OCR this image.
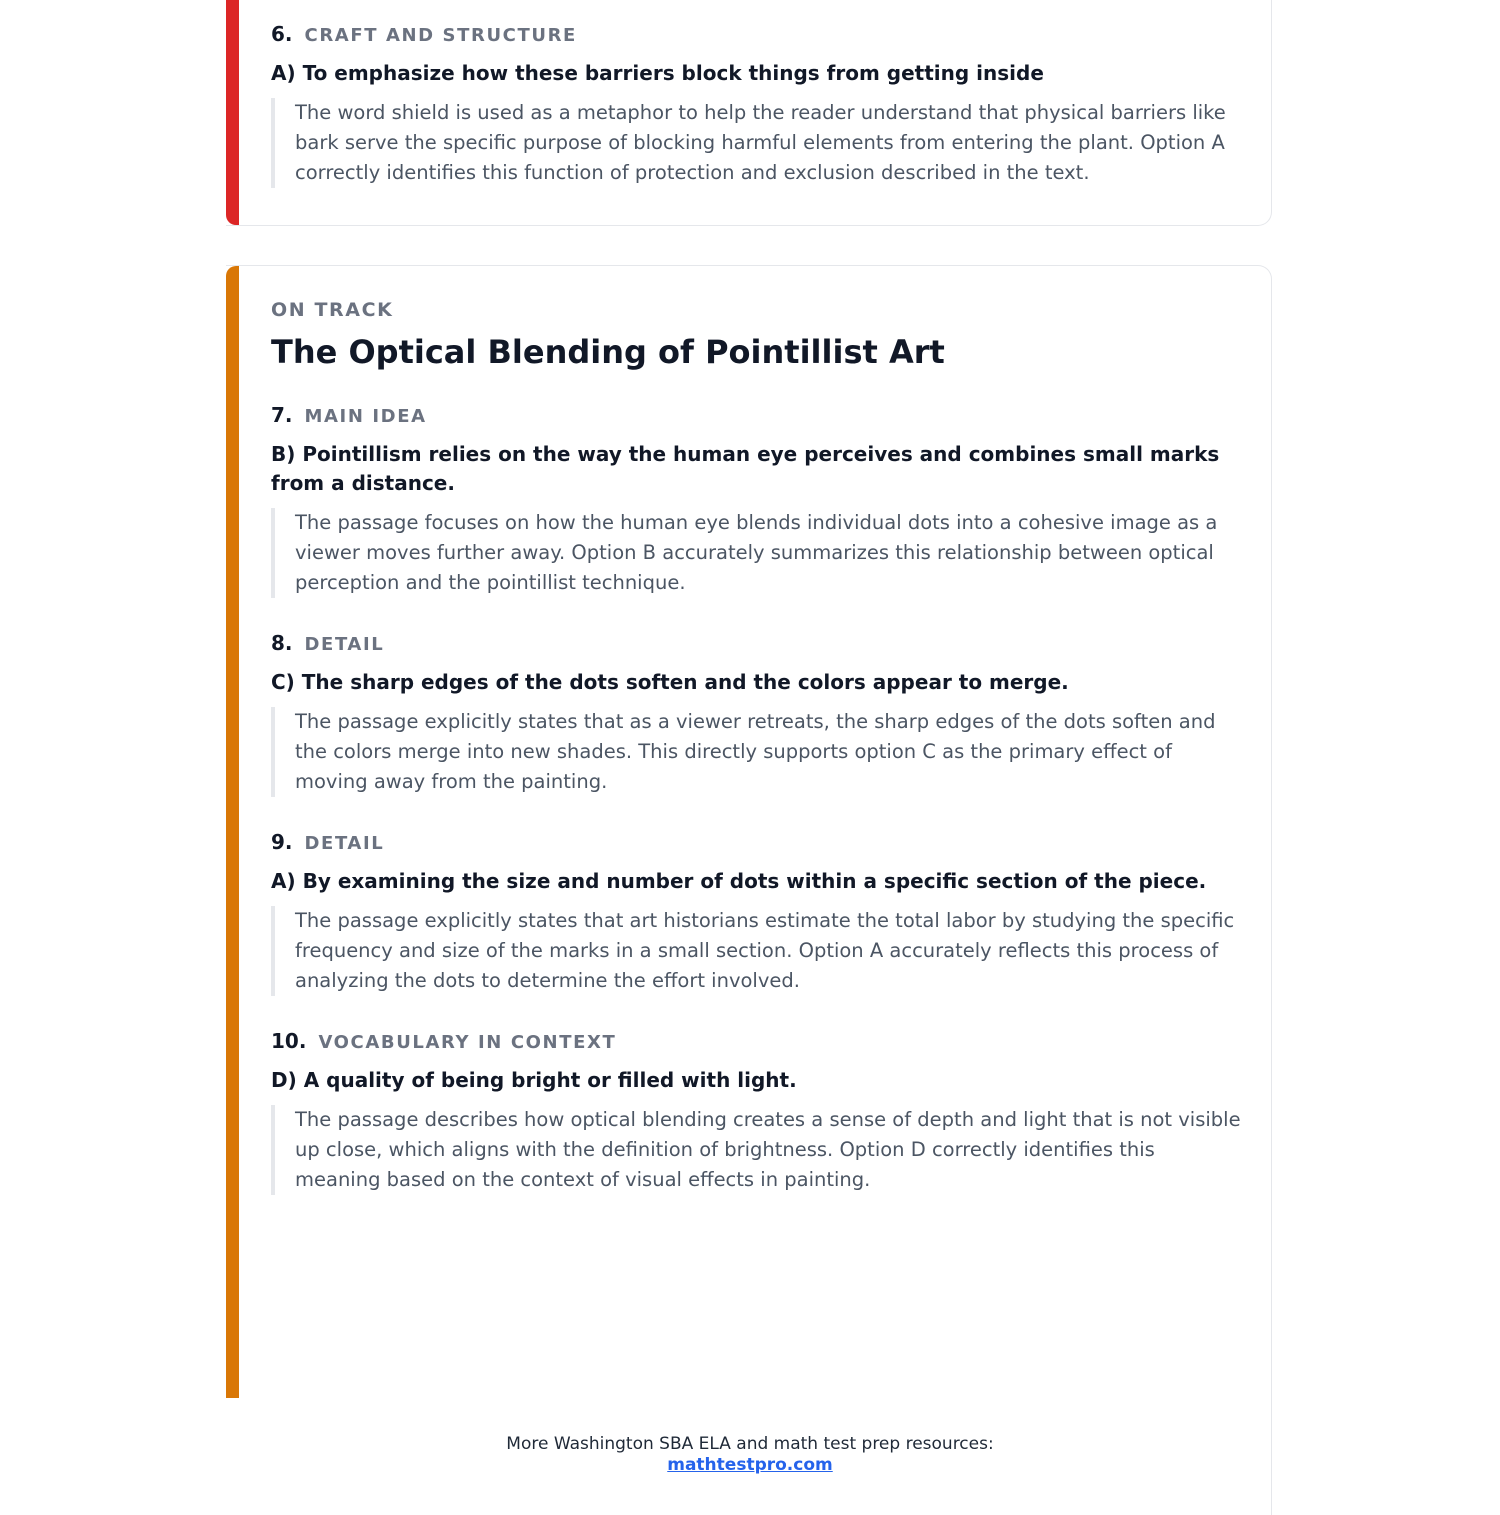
6. CRAFT AND STRUCTURE
A) To emphasize how these barriers block things from getting inside
The word shield is used as a metaphor to help the reader understand that physical barriers like bark serve the specific purpose of blocking harmful elements from entering the plant. Option A correctly identifies this function of protection and exclusion described in the text.
ON TRACK
The Optical Blending of Pointillist Art
7. MAIN IDEA
B) Pointillism relies on the way the human eye perceives and combines small marks from a distance.
The passage focuses on how the human eye blends individual dots into a cohesive image as a viewer moves further away. Option B accurately summarizes this relationship between optical perception and the pointillist technique.
8. DETAIL
C) The sharp edges of the dots soften and the colors appear to merge.
The passage explicitly states that as a viewer retreats, the sharp edges of the dots soften and the colors merge into new shades. This directly supports option C as the primary effect of moving away from the painting.
9. DETAIL
A) By examining the size and number of dots within a specific section of the piece.
The passage explicitly states that art historians estimate the total labor by studying the specific frequency and size of the marks in a small section. Option A accurately reflects this process of analyzing the dots to determine the effort involved.
10. VOCABULARY IN CONTEXT
D) A quality of being bright or filled with light.
The passage describes how optical blending creates a sense of depth and light that is not visible up close, which aligns with the definition of brightness. Option D correctly identifies this meaning based on the context of visual effects in painting.
More Washington SBA ELA and math test prep resources:
mathtestpro.com
